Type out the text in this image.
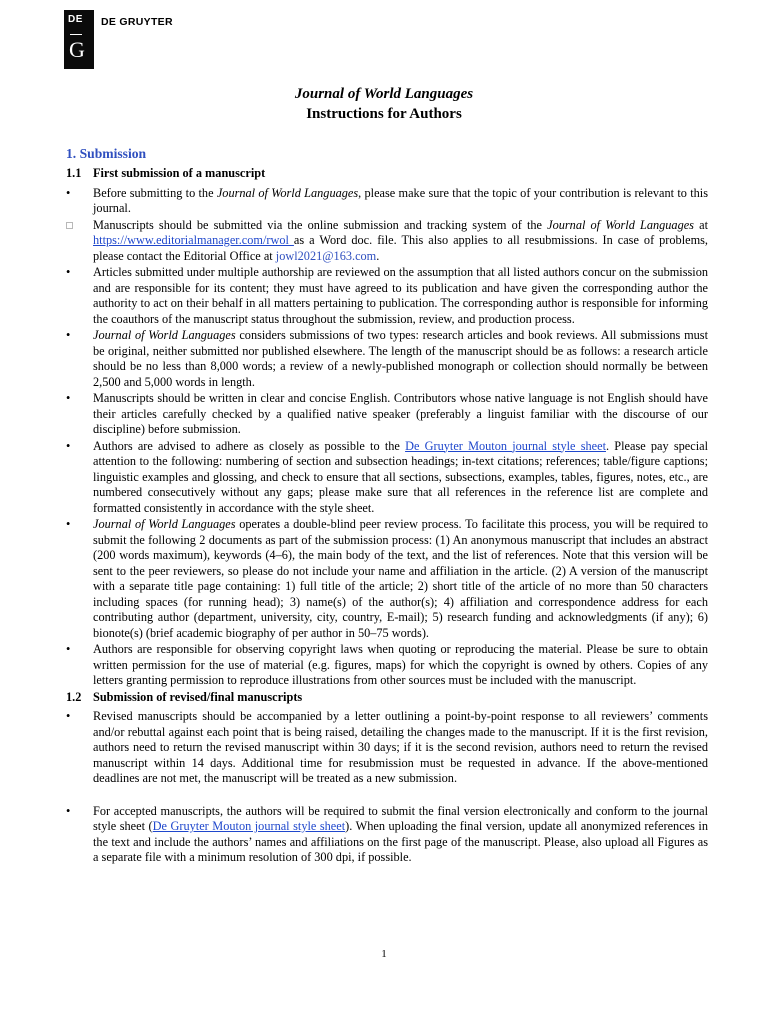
DE
G
DE GRUYTER
Journal of World Languages
Instructions for Authors
1. Submission
1.1 First submission of a manuscript
•	Before submitting to the Journal of World Languages, please make sure that the topic of your contribution is relevant to this journal.
Manuscripts should be submitted via the online submission and tracking system of the Journal of World Languages at https://www.editorialmanager.com/rwol as a Word doc. file. This also applies to all resubmissions. In case of problems, please contact the Editorial Office at jowl2021@163.com.
•	Articles submitted under multiple authorship are reviewed on the assumption that all listed authors concur on the submission and are responsible for its content; they must have agreed to its publication and have given the corresponding author the authority to act on their behalf in all matters pertaining to publication. The corresponding author is responsible for informing the coauthors of the manuscript status throughout the submission, review, and production process.
•	Journal of World Languages considers submissions of two types: research articles and book reviews. All submissions must be original, neither submitted nor published elsewhere. The length of the manuscript should be as follows: a research article should be no less than 8,000 words; a review of a newly-published monograph or collection should normally be between 2,500 and 5,000 words in length.
•	Manuscripts should be written in clear and concise English. Contributors whose native language is not English should have their articles carefully checked by a qualified native speaker (preferably a linguist familiar with the discourse of our discipline) before submission.
•	Authors are advised to adhere as closely as possible to the De Gruyter Mouton journal style sheet. Please pay special attention to the following: numbering of section and subsection headings; in-text citations; references; table/figure captions; linguistic examples and glossing, and check to ensure that all sections, subsections, examples, tables, figures, notes, etc., are numbered consecutively without any gaps; please make sure that all references in the reference list are complete and formatted consistently in accordance with the style sheet.
•	Journal of World Languages operates a double-blind peer review process. To facilitate this process, you will be required to submit the following 2 documents as part of the submission process: (1) An anonymous manuscript that includes an abstract (200 words maximum), keywords (4–6), the main body of the text, and the list of references. Note that this version will be sent to the peer reviewers, so please do not include your name and affiliation in the article. (2) A version of the manuscript with a separate title page containing: 1) full title of the article; 2) short title of the article of no more than 50 characters including spaces (for running head); 3) name(s) of the author(s); 4) affiliation and correspondence address for each contributing author (department, university, city, country, E-mail); 5) research funding and acknowledgments (if any); 6) bionote(s) (brief academic biography of per author in 50–75 words).
•	Authors are responsible for observing copyright laws when quoting or reproducing the material. Please be sure to obtain written permission for the use of material (e.g. figures, maps) for which the copyright is owned by others. Copies of any letters granting permission to reproduce illustrations from other sources must be included with the manuscript.
1.2 Submission of revised/final manuscripts
•	Revised manuscripts should be accompanied by a letter outlining a point-by-point response to all reviewers’ comments and/or rebuttal against each point that is being raised, detailing the changes made to the manuscript. If it is the first revision, authors need to return the revised manuscript within 30 days; if it is the second revision, authors need to return the revised manuscript within 14 days. Additional time for resubmission must be requested in advance. If the above-mentioned deadlines are not met, the manuscript will be treated as a new submission.
•	For accepted manuscripts, the authors will be required to submit the final version electronically and conform to the journal style sheet (De Gruyter Mouton journal style sheet). When uploading the final version, update all anonymized references in the text and include the authors’ names and affiliations on the first page of the manuscript. Please, also upload all Figures as a separate file with a minimum resolution of 300 dpi, if possible.
1
